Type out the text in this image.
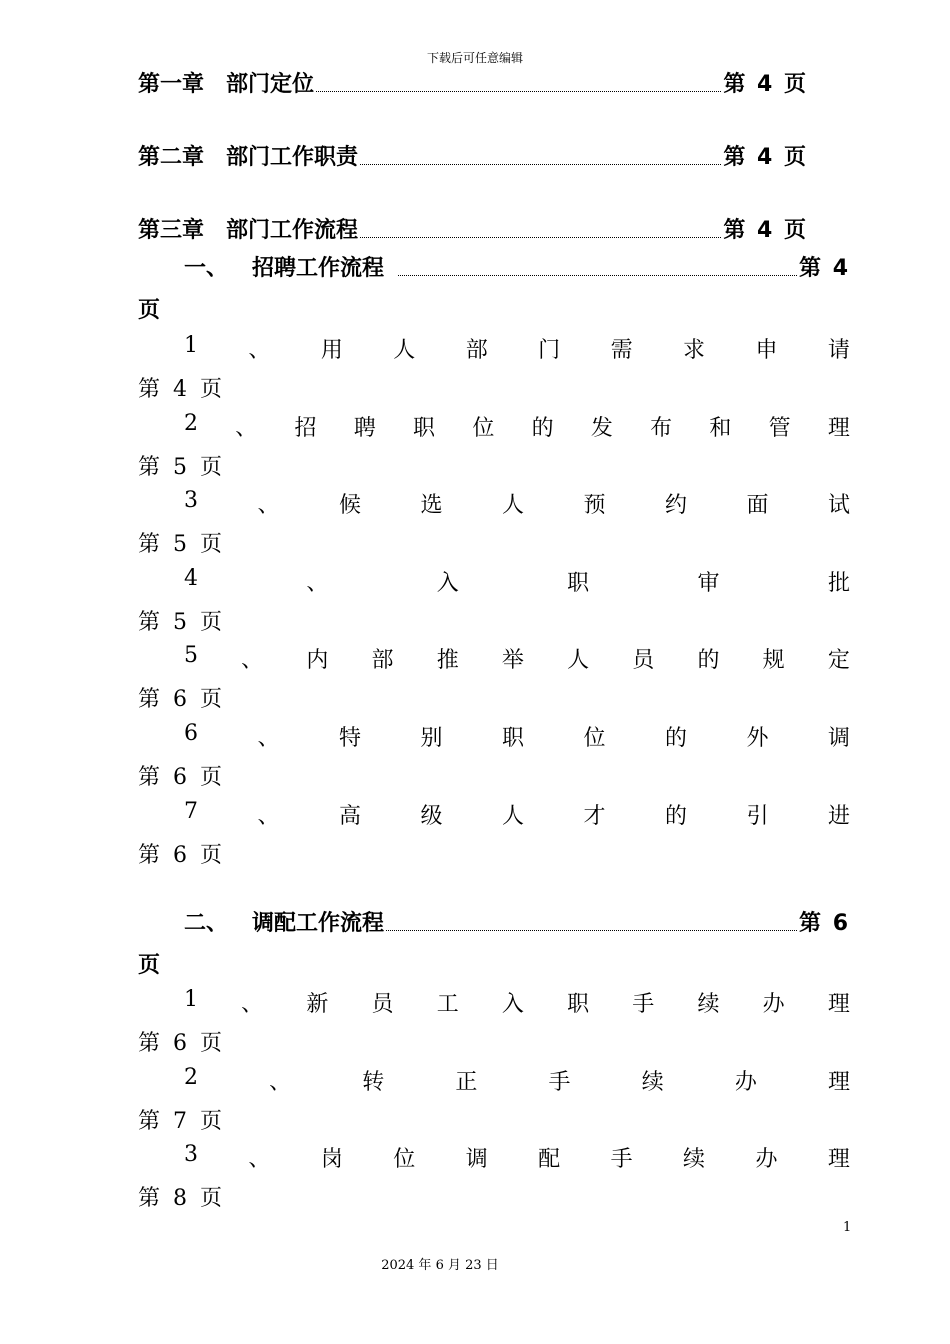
下载后可任意编辑
第一章 部门定位	第 4 页
第二章 部门工作职责	第 4 页
第三章 部门工作流程	第 4 页
一、 招聘工作流程	第 4
页
1 、 用 人 部 门 需 求 申 请
第 4 页
2 、 招 聘 职 位 的 发 布 和 管 理
第 5 页
3	、	候	选	人	预	约	面	试
第 5 页
4	、	入	职	审	批
第 5 页
5 、 内 部 推 举 人 员 的 规 定
第 6 页
6	、	特	别	职	位	的	外	调
第 6 页
7	、	高	级	人	才	的	引	进
第 6 页
二、 调配工作流程	第 6
页
1 、 新 员 工 入 职 手 续 办 理
第 6 页
2	、	转	正	手	续	办	理
第 7 页
3 、 岗 位 调 配 手 续 办 理
第 8 页
1
2024 年 6 月 23 日
